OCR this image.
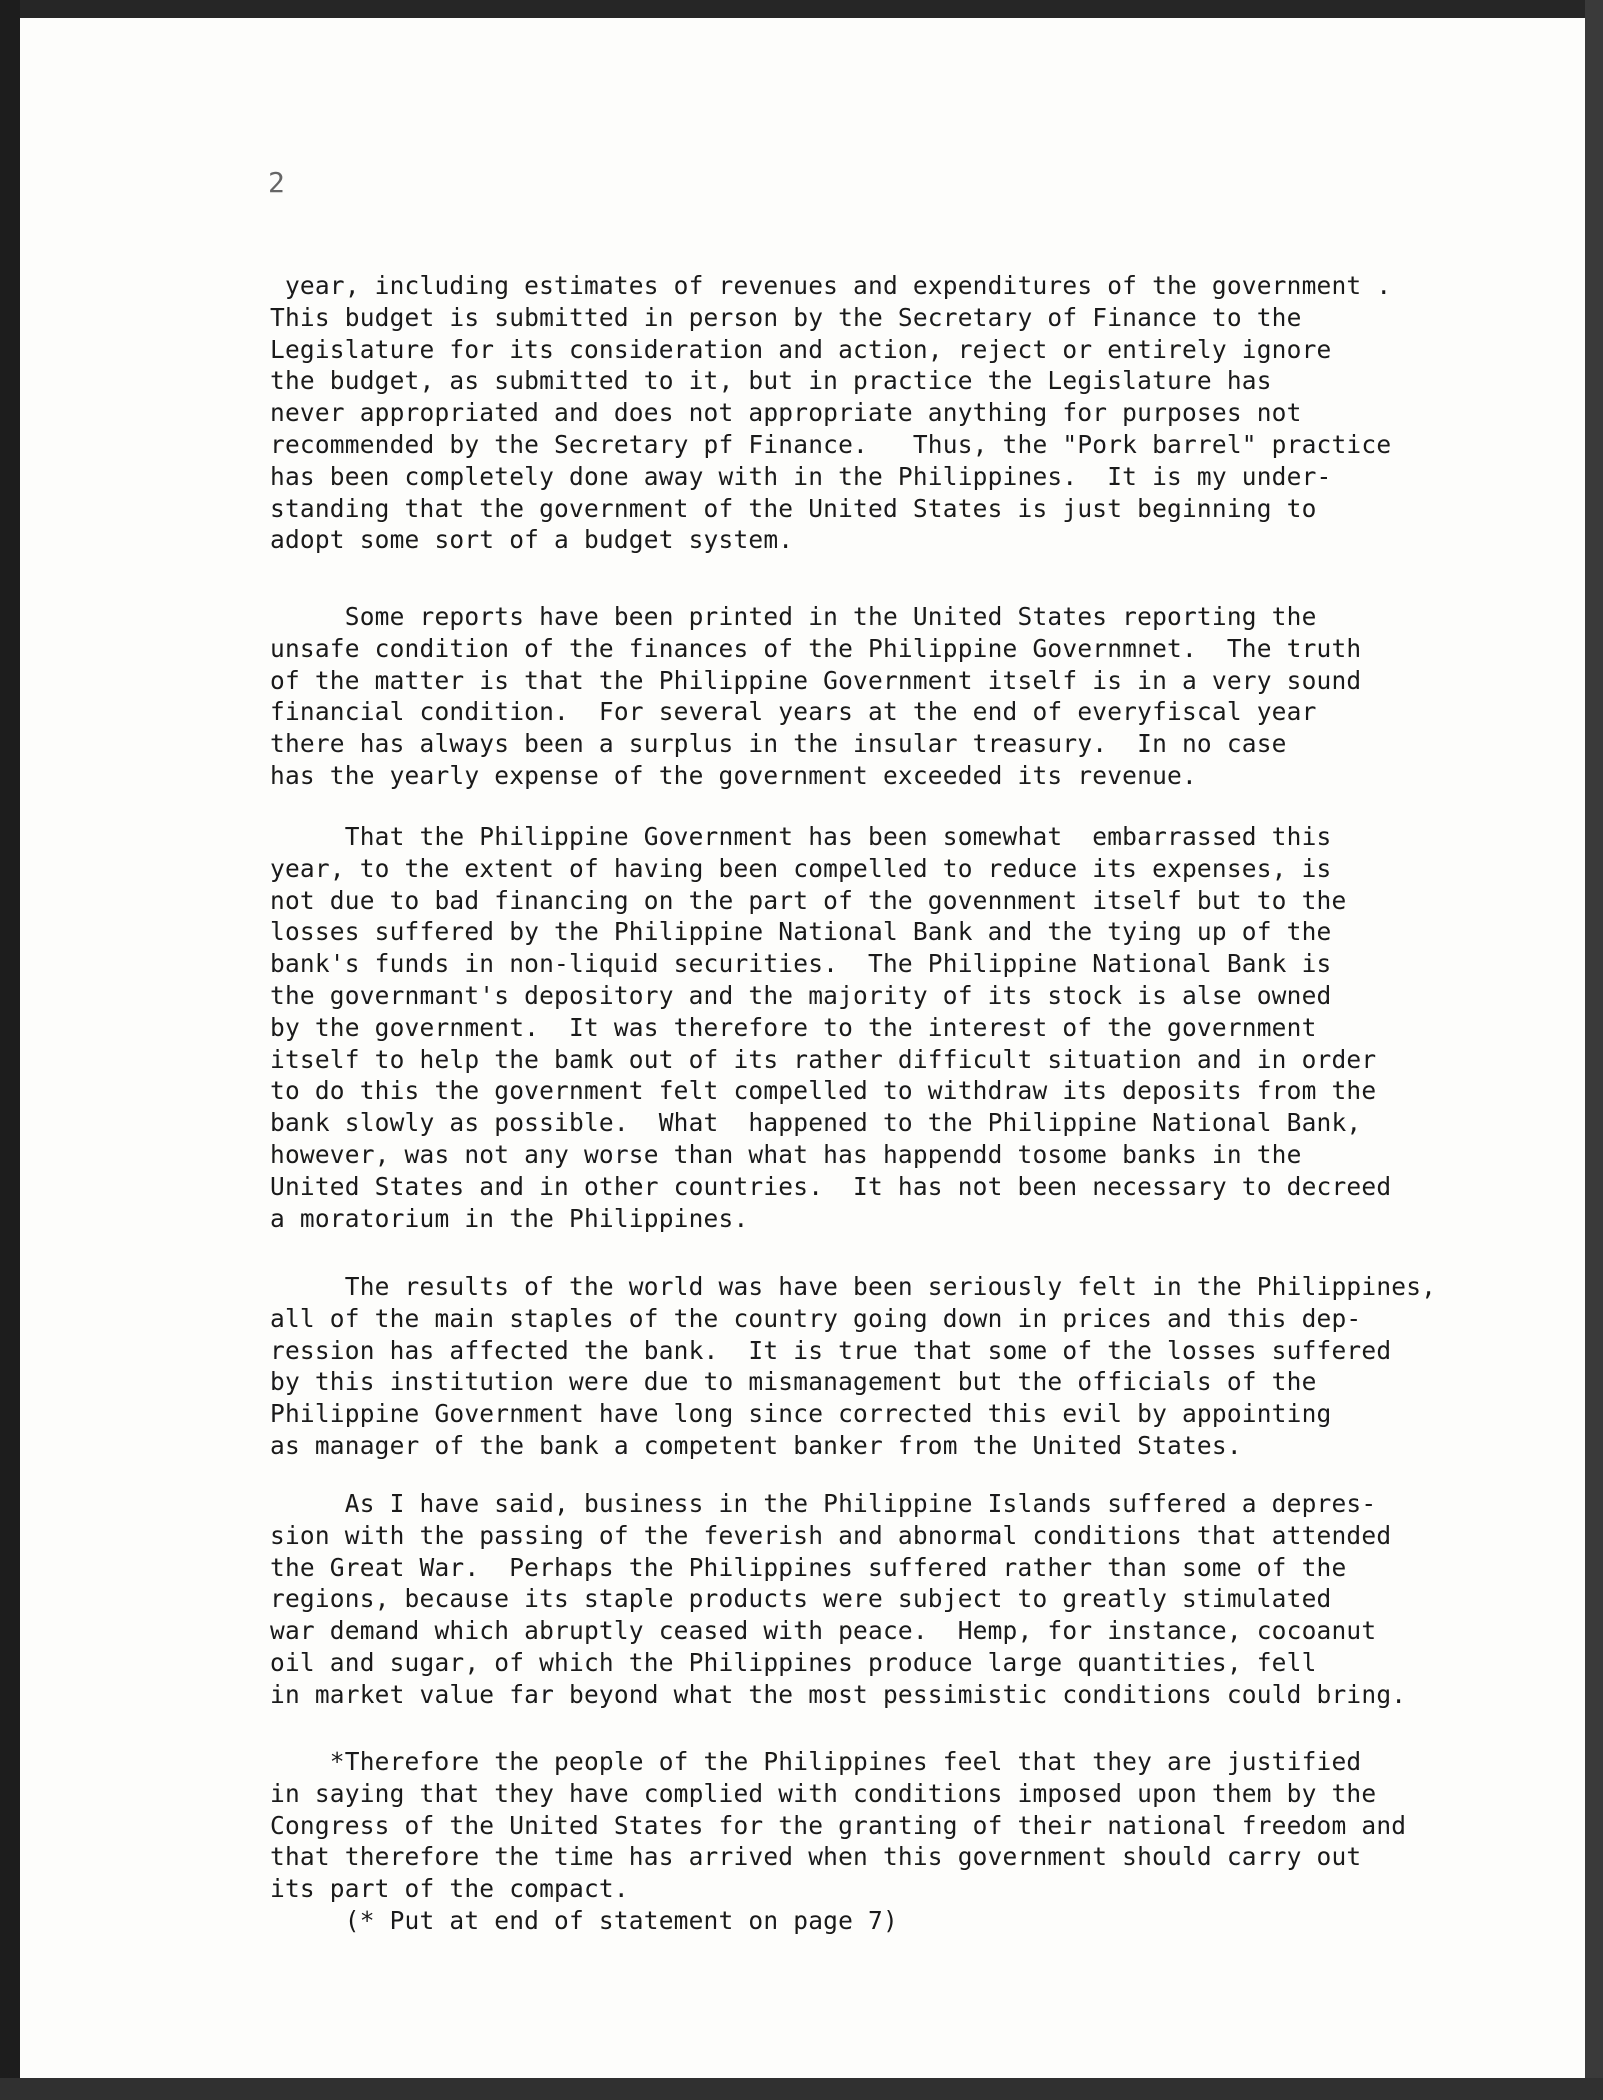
2

year, including estimates of revenues and expenditures of the government .
This budget is submitted in person by the Secretary of Finance to the
Legislature for its consideration and action, reject or entirely ignore
the budget, as submitted to it, but in practice the Legislature has
never appropriated and does not appropriate anything for purposes not
recommended by the Secretary pf Finance.   Thus, the "Pork barrel" practice
has been completely done away with in the Philippines.  It is my under-
standing that the government of the United States is just beginning to
adopt some sort of a budget system.

Some reports have been printed in the United States reporting the
unsafe condition of the finances of the Philippine Governmnet.  The truth
of the matter is that the Philippine Government itself is in a very sound
financial condition.  For several years at the end of everyfiscal year
there has always been a surplus in the insular treasury.  In no case
has the yearly expense of the government exceeded its revenue.

That the Philippine Government has been somewhat  embarrassed this
year, to the extent of having been compelled to reduce its expenses, is
not due to bad financing on the part of the govennment itself but to the
losses suffered by the Philippine National Bank and the tying up of the
bank's funds in non-liquid securities.  The Philippine National Bank is
the governmant's depository and the majority of its stock is alse owned
by the government.  It was therefore to the interest of the government
itself to help the bamk out of its rather difficult situation and in order
to do this the government felt compelled to withdraw its deposits from the
bank slowly as possible.  What  happened to the Philippine National Bank,
however, was not any worse than what has happendd tosome banks in the
United States and in other countries.  It has not been necessary to decreed
a moratorium in the Philippines.

The results of the world was have been seriously felt in the Philippines,
all of the main staples of the country going down in prices and this dep-
ression has affected the bank.  It is true that some of the losses suffered
by this institution were due to mismanagement but the officials of the
Philippine Government have long since corrected this evil by appointing
as manager of the bank a competent banker from the United States.

As I have said, business in the Philippine Islands suffered a depres-
sion with the passing of the feverish and abnormal conditions that attended
the Great War.  Perhaps the Philippines suffered rather than some of the
regions, because its staple products were subject to greatly stimulated
war demand which abruptly ceased with peace.  Hemp, for instance, cocoanut
oil and sugar, of which the Philippines produce large quantities, fell
in market value far beyond what the most pessimistic conditions could bring.

*Therefore the people of the Philippines feel that they are justified
in saying that they have complied with conditions imposed upon them by the
Congress of the United States for the granting of their national freedom and
that therefore the time has arrived when this government should carry out
its part of the compact.

(* Put at end of statement on page 7)
